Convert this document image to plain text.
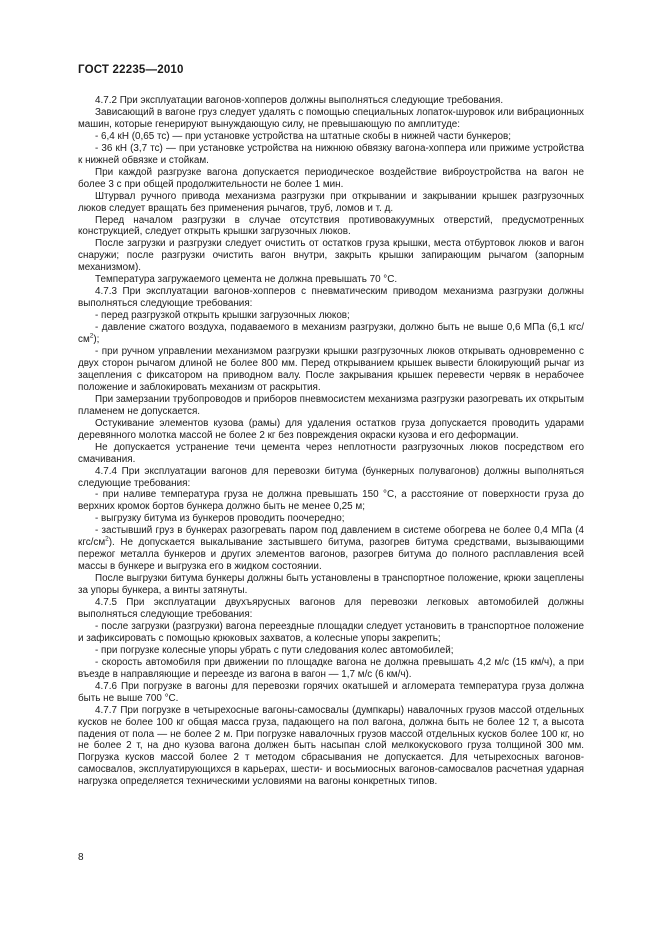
ГОСТ 22235—2010

4.7.2 При эксплуатации вагонов-хопперов должны выполняться следующие требования.

Зависающий в вагоне груз следует удалять с помощью специальных лопаток-шуровок или вибрационных машин, которые генерируют вынуждающую силу, не превышающую по амплитуде:

- 6,4 кН (0,65 тс) — при установке устройства на штатные скобы в нижней части бункеров;

- 36 кН (3,7 тс) — при установке устройства на нижнюю обвязку вагона-хоппера или прижиме устройства к нижней обвязке и стойкам.

При каждой разгрузке вагона допускается периодическое воздействие виброустройства на вагон не более 3 с при общей продолжительности не более 1 мин.

Штурвал ручного привода механизма разгрузки при открывании и закрывании крышек разгрузочных люков следует вращать без применения рычагов, труб, ломов и т. д.

Перед началом разгрузки в случае отсутствия противовакуумных отверстий, предусмотренных конструкцией, следует открыть крышки загрузочных люков.

После загрузки и разгрузки следует очистить от остатков груза крышки, места отбуртовок люков и вагон снаружи; после разгрузки очистить вагон внутри, закрыть крышки запирающим рычагом (запорным механизмом).

Температура загружаемого цемента не должна превышать 70 °С.

4.7.3 При эксплуатации вагонов-хопперов с пневматическим приводом механизма разгрузки должны выполняться следующие требования:

- перед разгрузкой открыть крышки загрузочных люков;

- давление сжатого воздуха, подаваемого в механизм разгрузки, должно быть не выше 0,6 МПа (6,1 кгс/$см^2$);

- при ручном управлении механизмом разгрузки крышки разгрузочных люков открывать одновременно с двух сторон рычагом длиной не более 800 мм. Перед открыванием крышек вывести блокирующий рычаг из зацепления с фиксатором на приводном валу. После закрывания крышек перевести червяк в нерабочее положение и заблокировать механизм от раскрытия.

При замерзании трубопроводов и приборов пневмосистем механизма разгрузки разогревать их открытым пламенем не допускается.

Остукивание элементов кузова (рамы) для удаления остатков груза допускается проводить ударами деревянного молотка массой не более 2 кг без повреждения окраски кузова и его деформации.

Не допускается устранение течи цемента через неплотности разгрузочных люков посредством его смачивания.

4.7.4 При эксплуатации вагонов для перевозки битума (бункерных полувагонов) должны выполняться следующие требования:

- при наливе температура груза не должна превышать 150 °С, а расстояние от поверхности груза до верхних кромок бортов бункера должно быть не менее 0,25 м;

- выгрузку битума из бункеров проводить поочередно;

- застывший груз в бункерах разогревать паром под давлением в системе обогрева не более 0,4 МПа (4 кгс/$см^2$). Не допускается выкалывание застывшего битума, разогрев битума средствами, вызывающими пережог металла бункеров и других элементов вагонов, разогрев битума до полного расплавления всей массы в бункере и выгрузка его в жидком состоянии.

После выгрузки битума бункеры должны быть установлены в транспортное положение, крюки зацеплены за упоры бункера, а винты затянуты.

4.7.5 При эксплуатации двухъярусных вагонов для перевозки легковых автомобилей должны выполняться следующие требования:

- после загрузки (разгрузки) вагона переездные площадки следует установить в транспортное положение и зафиксировать с помощью крюковых захватов, а колесные упоры закрепить;

- при погрузке колесные упоры убрать с пути следования колес автомобилей;

- скорость автомобиля при движении по площадке вагона не должна превышать 4,2 м/с (15 км/ч), а при въезде в направляющие и переезде из вагона в вагон — 1,7 м/с (6 км/ч).

4.7.6 При погрузке в вагоны для перевозки горячих окатышей и агломерата температура груза должна быть не выше 700 °С.

4.7.7 При погрузке в четырехосные вагоны-самосвалы (думпкары) навалочных грузов массой отдельных кусков не более 100 кг общая масса груза, падающего на пол вагона, должна быть не более 12 т, а высота падения от пола — не более 2 м. При погрузке навалочных грузов массой отдельных кусков более 100 кг, но не более 2 т, на дно кузова вагона должен быть насыпан слой мелкокускового груза толщиной 300 мм. Погрузка кусков массой более 2 т методом сбрасывания не допускается. Для четырехосных вагонов-самосвалов, эксплуатирующихся в карьерах, шести- и восьмиосных вагонов-самосвалов расчетная ударная нагрузка определяется техническими условиями на вагоны конкретных типов.

8
